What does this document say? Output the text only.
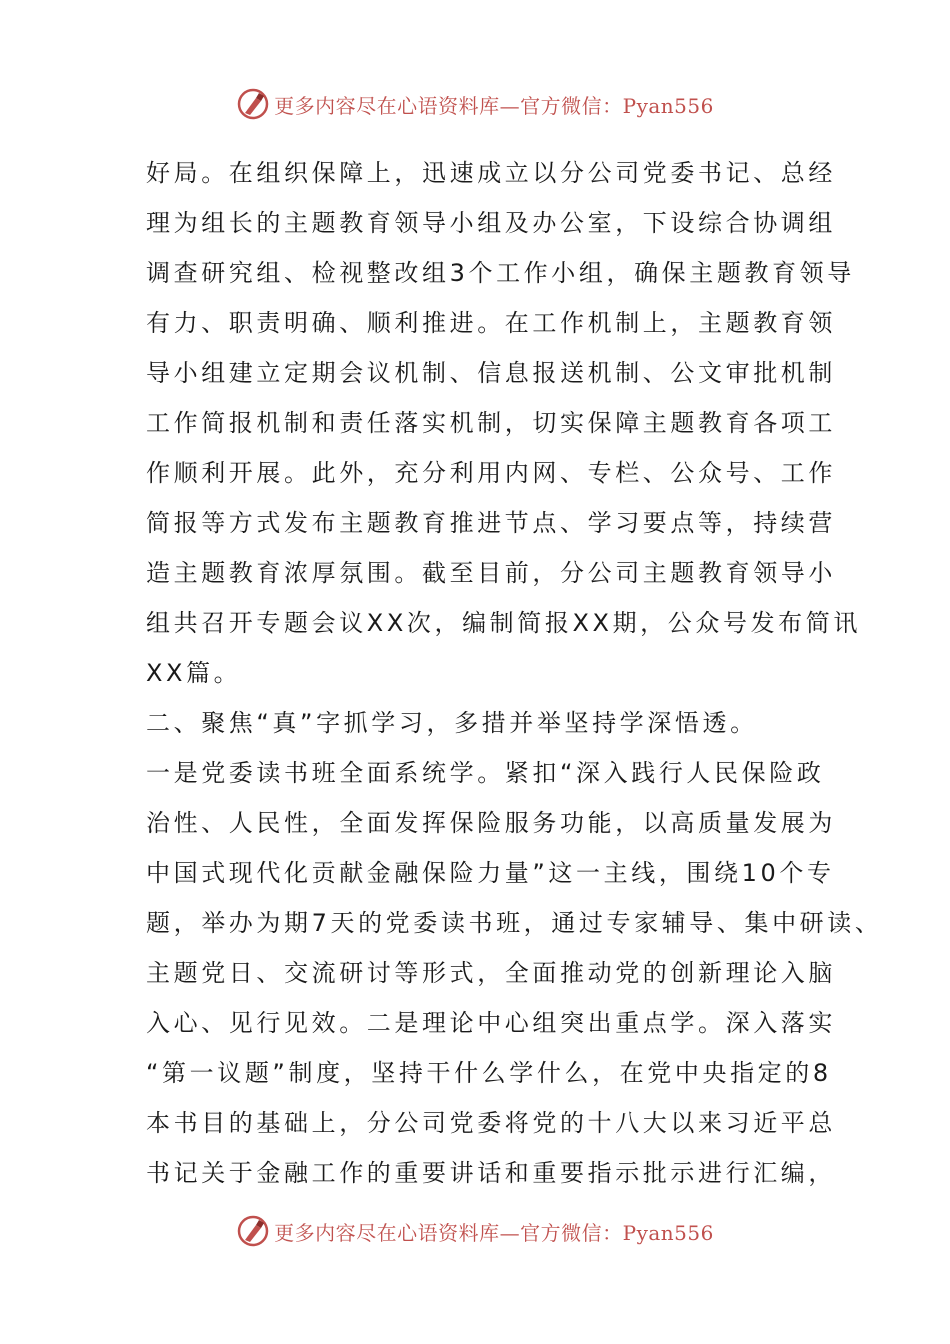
更多内容尽在心语资料库—官方微信：Pyan556
好局。在组织保障上，迅速成立以分公司党委书记、总经
理为组长的主题教育领导小组及办公室，下设综合协调组
调查研究组、检视整改组3个工作小组，确保主题教育领导
有力、职责明确、顺利推进。在工作机制上，主题教育领
导小组建立定期会议机制、信息报送机制、公文审批机制
工作简报机制和责任落实机制，切实保障主题教育各项工
作顺利开展。此外，充分利用内网、专栏、公众号、工作
简报等方式发布主题教育推进节点、学习要点等，持续营
造主题教育浓厚氛围。截至目前，分公司主题教育领导小
组共召开专题会议XX次，编制简报XX期，公众号发布简讯
XX篇。
二、聚焦“真”字抓学习，多措并举坚持学深悟透。
一是党委读书班全面系统学。紧扣“深入践行人民保险政
治性、人民性，全面发挥保险服务功能，以高质量发展为
中国式现代化贡献金融保险力量”这一主线，围绕10个专
题，举办为期7天的党委读书班，通过专家辅导、集中研读、
主题党日、交流研讨等形式，全面推动党的创新理论入脑
入心、见行见效。二是理论中心组突出重点学。深入落实
“第一议题”制度，坚持干什么学什么，在党中央指定的8
本书目的基础上，分公司党委将党的十八大以来习近平总
书记关于金融工作的重要讲话和重要指示批示进行汇编，
更多内容尽在心语资料库—官方微信：Pyan556
